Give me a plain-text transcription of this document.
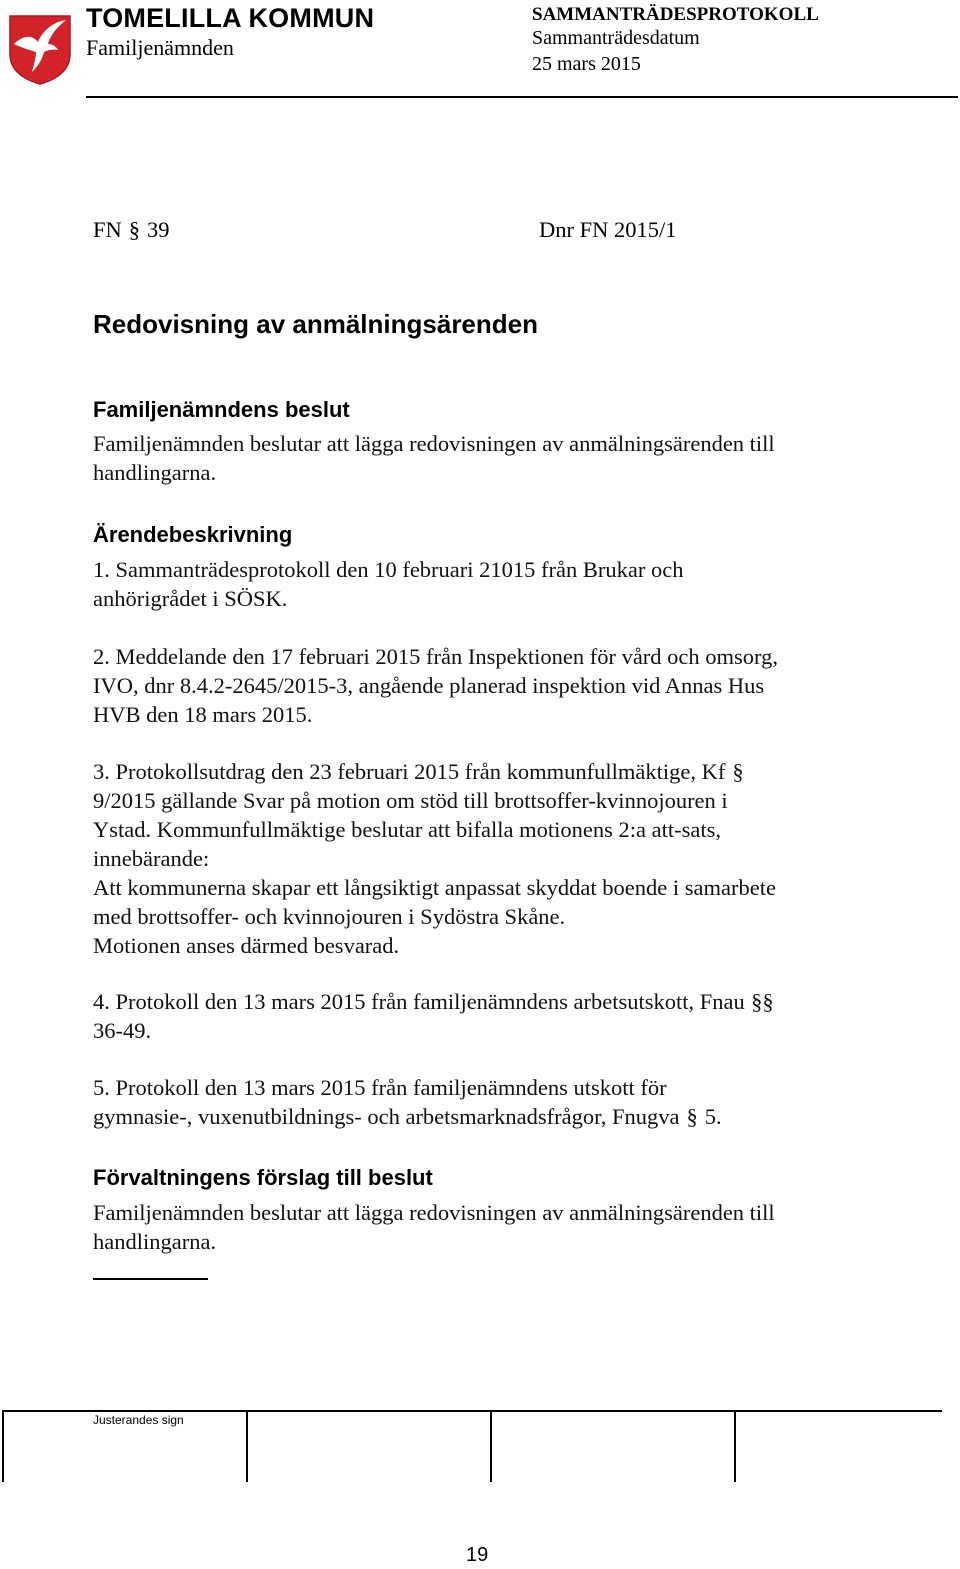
TOMELILLA KOMMUN
Familjenämnden
SAMMANTRÄDESPROTOKOLL
Sammanträdesdatum
25 mars 2015
FN § 39	Dnr FN 2015/1
Redovisning av anmälningsärenden
Familjenämndens beslut
Familjenämnden beslutar att lägga redovisningen av anmälningsärenden till
handlingarna.
Ärendebeskrivning
1. Sammanträdesprotokoll den 10 februari 21015 från Brukar och
anhörigrådet i SÖSK.
2. Meddelande den 17 februari 2015 från Inspektionen för vård och omsorg,
IVO, dnr 8.4.2-2645/2015-3, angående planerad inspektion vid Annas Hus
HVB den 18 mars 2015.
3. Protokollsutdrag den 23 februari 2015 från kommunfullmäktige, Kf §
9/2015 gällande Svar på motion om stöd till brottsoffer-kvinnojouren i
Ystad. Kommunfullmäktige beslutar att bifalla motionens 2:a att-sats,
innebärande:
Att kommunerna skapar ett långsiktigt anpassat skyddat boende i samarbete
med brottsoffer- och kvinnojouren i Sydöstra Skåne.
Motionen anses därmed besvarad.
4. Protokoll den 13 mars 2015 från familjenämndens arbetsutskott, Fnau §§
36-49.
5. Protokoll den 13 mars 2015 från familjenämndens utskott för
gymnasie-, vuxenutbildnings- och arbetsmarknadsfrågor, Fnugva § 5.
Förvaltningens förslag till beslut
Familjenämnden beslutar att lägga redovisningen av anmälningsärenden till
handlingarna.
Justerandes sign
19
